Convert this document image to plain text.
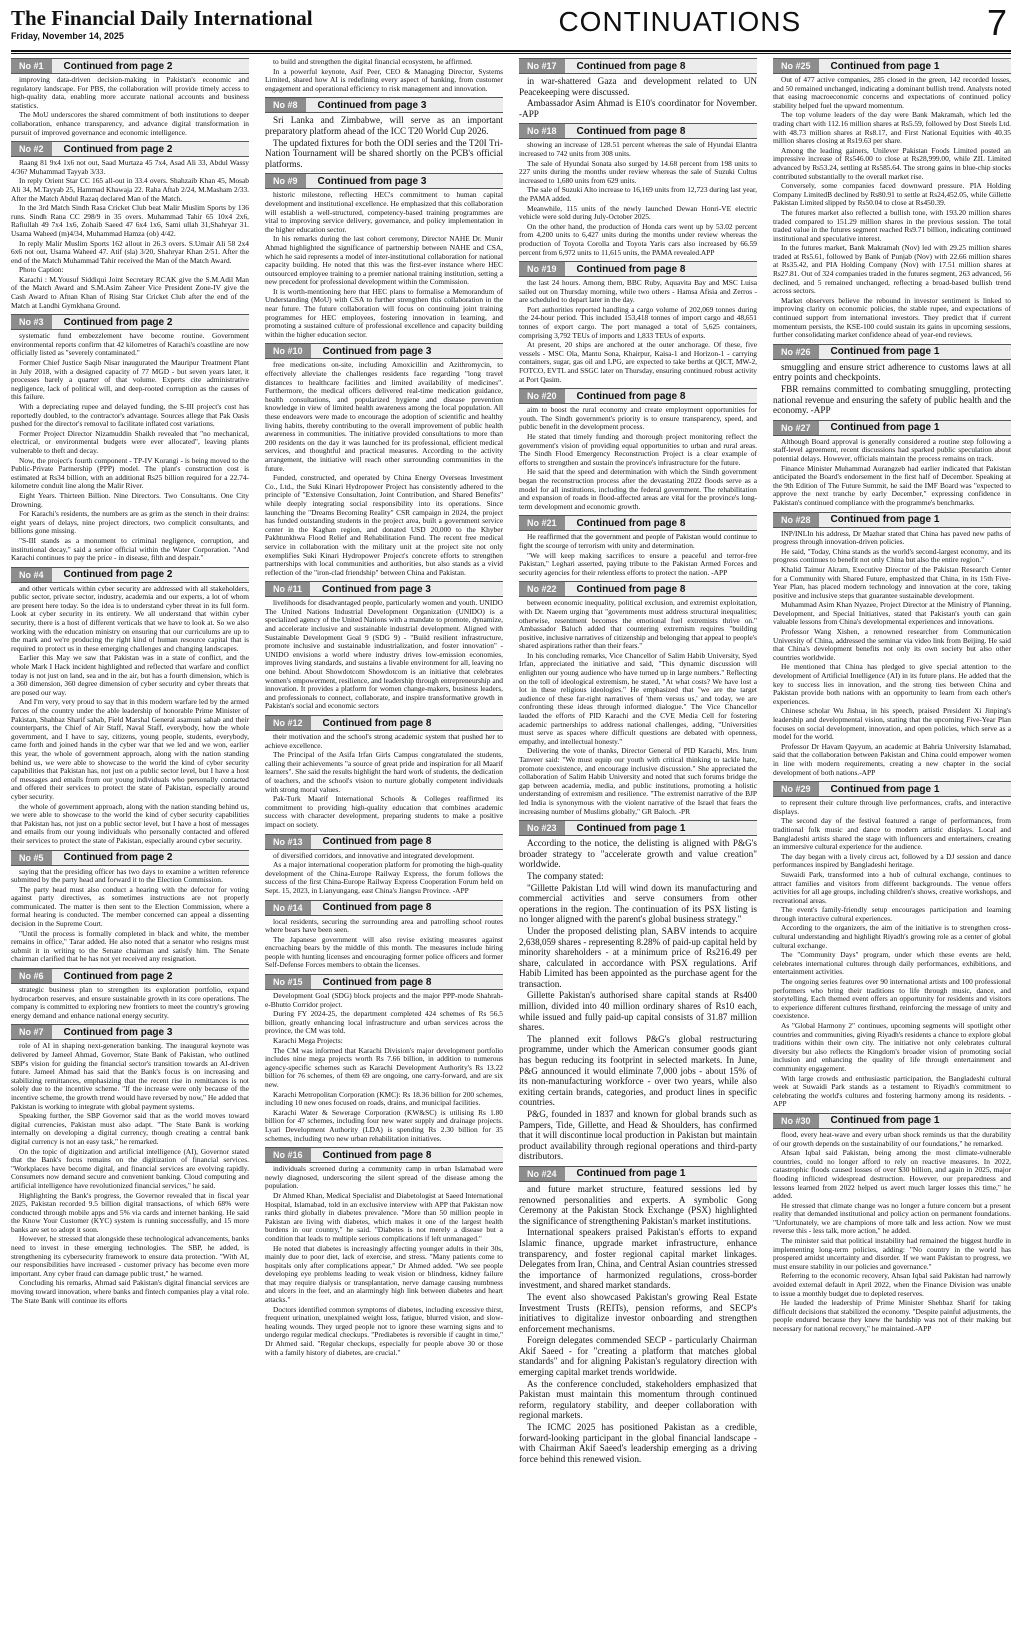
The Financial Daily International
Friday, November 14, 2025	CONTINUATIONS	7
No #1	Continued from page 2

improving data-driven decision-making in Pakistan's economic and regulatory landscape. For PBS, the collaboration will provide timely access to high-quality data, enabling more accurate national accounts and business statistics.

The MoU underscores the shared commitment of both institutions to deeper collaboration, enhance transparency, and advance digital transformation in pursuit of improved governance and economic intelligence.

No #2	Continued from page 2

Raang 81 9x4 1x6 not out, Saad Murtaza 45 7x4, Asad Ali 33, Abdul Wassy 4/36? Muhammad Tayyab 3/33.

In reply Orient Star CC 165 all-out in 33.4 overs. Shahzaib Khan 45, Mosab Ali 34, M.Tayyab 25, Hammad Khawaja 22. Raha Aftab 2/24, M.Masham 2/33. After the Match Abdul Razaq declared Man of the Match.

In the 3rd Match Sindh Rasa Cricket Club beat Malir Muslim Sports by 136 runs. Sindh Rana CC 298/9 in 35 overs. Muhammad Tahir 65 10x4 2x6, Rafiullah 49 7x4 1x6, Zohaib Saeed 47 6x4 1x6, Sami ullah 31,Shahryar 31. Usama Waheed (m)4/34, Muhammad Hamza (ob) 4/42.

In reply Malir Muslim Sports 162 allout in 26.3 overs. S.Umair Ali 58 2x4 6x6 not out, Usama Waheed 47. Atif (sla) 3/20, Shahryar Khan 2/51. After the end of the Match Muhammad Tahir received the Man of the Match Award.

Photo Caption:

Karachi : M.Yousuf Siddiqui Joint Secretary RCAK give the S.M.Adil Man of the Match Award and S.M.Asim Zaheer Vice President Zone-IV give the Cash Award to Afnan Khan of Rising Star Cricket Club after the end of the Match at Landhi Gymkhana Ground.

No #3	Continued from page 2

systematic fund embezzlement have become routine. Government environmental reports confirm that 42 kilometres of Karachi's coastline are now officially listed as "severely contaminated."

Former Chief Justice Saqib Nisar inaugurated the Mauripur Treatment Plant in July 2018, with a designed capacity of 77 MGD - but seven years later, it processes barely a quarter of that volume. Experts cite administrative negligence, lack of political will, and deep-rooted corruption as the causes of this failure.

With a depreciating rupee and delayed funding, the S-III project's cost has reportedly doubled, to the contractor's advantage. Sources allege that Pak Oasis pushed for the director's removal to facilitate inflated cost variations.

Former Project Director Nizamuddin Shaikh revealed that "no mechanical, electrical, or environmental budgets were ever allocated", leaving plants vulnerable to theft and decay.

Now, the project's fourth component - TP-IV Korangi - is being moved to the Public-Private Partnership (PPP) model. The plant's construction cost is estimated at Rs34 billion, with an additional Rs25 billion required for a 22.74-kilometre conduit line along the Malir River.

Eight Years. Thirteen Billion. Nine Directors. Two Consultants. One City Drowning.

For Karachi's residents, the numbers are as grim as the stench in their drains: eight years of delays, nine project directors, two complicit consultants, and billions gone missing.

"S-III stands as a monument to criminal negligence, corruption, and institutional decay," said a senior official within the Water Corporation. "And Karachi continues to pay the price - in disease, filth and despair."

No #4	Continued from page 2

and other verticals within cyber security are addressed with all stakeholders, public sector, private sector, industry, academia and our experts, a lot of whom are present here today. So the idea is to understand cyber threat in its full form. Look at cyber security in its entirety. We all understand that within cyber security, there is a host of different verticals that we have to look at. So we also working with the education ministry on ensuring that our curriculums are up to the mark and we're producing the right kind of human resource capital that is required to protect us in these emerging challenges and changing landscapes.

Earlier this May we saw that Pakistan was in a state of conflict, and the whole Mark I Hack incident highlighted and reflected that warfare and conflict today is not just on land, sea and in the air, but has a fourth dimension, which is a 360 dimension, 360 degree dimension of cyber security and cyber threats that are posed our way.

And I'm very, very proud to say that in this modern warfare led by the armed forces of the country under the able leadership of honorable Prime Minister of Pakistan, Shahbaz Sharif sahab, Field Marshal General asamuni sahab and their counterparts, the Chief of Air Staff, Naval Staff, everybody, how the whole government, and I have to say, citizens, young people, students, everybody, came forth and joined hands in the cyber war that we led and we won, earlier this year, the whole of government approach, along with the nation standing behind us, we were able to showcase to the world the kind of cyber security capabilities that Pakistan has, not just on a public sector level, but I have a host of messages and emails from our young individuals who personally contacted and offered their services to protect the state of Pakistan, especially around cyber security.

the whole of government approach, along with the nation standing behind us, we were able to showcase to the world the kind of cyber security capabilities that Pakistan has, not just on a public sector level, but I have a host of messages and emails from our young individuals who personally contacted and offered their services to protect the state of Pakistan, especially around cyber security.

No #5	Continued from page 2

saying that the presiding officer has two days to examine a written reference submitted by the party head and forward it to the Election Commission.

The party head must also conduct a hearing with the defector for voting against party directives, as sometimes instructions are not properly communicated. The matter is then sent to the Election Commission, where a formal hearing is conducted. The member concerned can appeal a dissenting decision in the Supreme Court.

"Until the process is formally completed in black and white, the member remains in office," Tarar added. He also noted that a senator who resigns must submit it in writing to the Senate chairman and satisfy him. The Senate chairman clarified that he has not yet received any resignation.

No #6	Continued from page 2

strategic business plan to strengthen its exploration portfolio, expand hydrocarbon reserves, and ensure sustainable growth in its core operations. The company is committed to exploring new frontiers to meet the country's growing energy demand and enhance national energy security.

No #7	Continued from page 3

role of AI in shaping next-generation banking. The inaugural keynote was delivered by Jameel Ahmad, Governor, State Bank of Pakistan, who outlined SBP's vision for guiding the financial sector's transition towards an AI-driven future. Jameel Ahmad has said that the Bank's focus is on increasing and stabilizing remittances, emphasizing that the recent rise in remittances is not solely due to the incentive scheme. "If the increase were only because of the incentive scheme, the growth trend would have reversed by now," He added that Pakistan is working to integrate with global payment systems.

Speaking further, the SBP Governor said that as the world moves toward digital currencies, Pakistan must also adapt. "The State Bank is working internally on developing a digital currency, though creating a central bank digital currency is not an easy task," he remarked.

On the topic of digitization and artificial intelligence (AI), Governor stated that the Bank's focus remains on the digitization of financial services. "Workplaces have become digital, and financial services are evolving rapidly. Consumers now demand secure and convenient banking. Cloud computing and artificial intelligence have revolutionized financial services," he said.

Highlighting the Bank's progress, the Governor revealed that in fiscal year 2025, Pakistan recorded 9.5 billion digital transactions, of which 68% were conducted through mobile apps and 5% via cards and internet banking. He said the Know Your Customer (KYC) system is running successfully, and 15 more banks are set to adopt it soon.

However, he stressed that alongside these technological advancements, banks need to invest in these emerging technologies. The SBP, he added, is strengthening its cybersecurity framework to ensure data protection. "With AI, our responsibilities have increased - customer privacy has become even more important. Any cyber fraud can damage public trust," he warned.

Concluding his remarks, Ahmad said Pakistan's digital financial services are moving toward innovation, where banks and fintech companies play a vital role. The State Bank will continue its efforts

to build and strengthen the digital financial ecosystem, he affirmed.

In a powerful keynote, Asif Peer, CEO & Managing Director, Systems Limited, shared how AI is redefining every aspect of banking, from customer engagement and operational efficiency to risk management and innovation.

No #8	Continued from page 3

Sri Lanka and Zimbabwe, will serve as an important preparatory platform ahead of the ICC T20 World Cup 2026.

The updated fixtures for both the ODI series and the T20I Tri-Nation Tournament will be shared shortly on the PCB's official platforms.

No #9	Continued from page 3

historic milestone, reflecting HEC's commitment to human capital development and institutional excellence. He emphasized that this collaboration will establish a well-structured, competency-based training programmes are vital to improving service delivery, governance, and policy implementation in the higher education sector.

In his remarks during the last cohort ceremony, Director NAHE Dr. Munir Ahmad highlighted the significance of partnership between NAHE and CSA, which he said represents a model of inter-institutional collaboration for national capacity building. He noted that this was the first-ever instance where HEC outsourced employee training to a premier national training institution, setting a new precedent for professional development within the Commission.

It is worth-mentioning here that HEC plans to formalise a Memorandum of Understanding (MoU) with CSA to further strengthen this collaboration in the near future. The future collaboration will focus on continuing joint training programmes for HEC employees, fostering innovation in learning, and promoting a sustained culture of professional excellence and capacity building within the higher education sector.

No #10	Continued from page 3

free medications on-site, including Amoxicillin and Azithromycin, to effectively alleviate the challenges residents face regarding "long travel distances to healthcare facilities and limited availability of medicines". Furthermore, the medical officers delivered real-time medication guidance, health consultations, and popularized hygiene and disease prevention knowledge in view of limited health awareness among the local population. All these endeavors were made to encourage the adoption of scientific and healthy living habits, thereby contributing to the overall improvement of public health awareness in communities. The initiative provided consultations to more than 200 residents on the day it was launched for its professional, efficient medical services, and thoughtful and practical measures. According to the activity arrangement, the initiative will reach other surrounding communities in the future.

Funded, constructed, and operated by China Energy Overseas Investment Co., Ltd., the Suki Kinari Hydropower Project has consistently adhered to the principle of "Extensive Consultation, Joint Contribution, and Shared Benefits" while deeply integrating social responsibility into its operations. Since launching the "Dreams Becoming Reality" CSR campaign in 2024, the project has funded outstanding students in the project area, built a government service center in the Kaghan region, and donated USD 20,000 to the Khyber Pakhtunkhwa Flood Relief and Rehabilitation Fund. The recent free medical service in collaboration with the military unit at the project site not only exemplifies Suki Kinari Hydropower Project's concrete efforts to strengthen partnerships with local communities and authorities, but also stands as a vivid reflection of the "iron-clad friendship" between China and Pakistan.

No #11	Continued from page 3

livelihoods for disadvantaged people, particularly women and youth. UNIDO The United Nations Industrial Development Organization (UNIDO) is a specialized agency of the United Nations with a mandate to promote, dynamize, and accelerate inclusive and sustainable industrial development. Aligned with Sustainable Development Goal 9 (SDG 9) - "Build resilient infrastructure, promote inclusive and sustainable industrialization, and foster innovation" - UNIDO envisions a world where industry drives low-emission economies, improves living standards, and sustains a livable environment for all, leaving no one behind. About Showdotcom Showdotcom is an initiative that celebrates women's empowerment, resilience, and leadership through entrepreneurship and innovation. It provides a platform for women change-makers, business leaders, and professionals to connect, collaborate, and inspire transformative growth in Pakistan's social and economic sectors

No #12	Continued from page 8

their motivation and the school's strong academic system that pushed her to achieve excellence.

The Principal of the Asifa Irfan Girls Campus congratulated the students, calling their achievements "a source of great pride and inspiration for all Maarif learners". She said the results highlight the hard work of students, the dedication of teachers, and the school's vision to nurture globally competent individuals with strong moral values.

Pak-Turk Maarif International Schools & Colleges reaffirmed its commitment to providing high-quality education that combines academic success with character development, preparing students to make a positive impact on society.

No #13	Continued from page 8

of diversified corridors, and innovative and integrated development.

As a major international cooperation platform for promoting the high-quality development of the China-Europe Railway Express, the forum follows the success of the first China-Europe Railway Express Cooperation Forum held on Sept. 15, 2023, in Lianyungang, east China's Jiangsu Province. -APP

No #14	Continued from page 8

local residents, securing the surrounding area and patrolling school routes where bears have been seen.

The Japanese government will also revise existing measures against encroaching bears by the middle of this month. The measures include hiring people with hunting licenses and encouraging former police officers and former Self-Defense Forces members to obtain the licenses.

No #15	Continued from page 8

Development Goal (SDG) block projects and the major PPP-mode Shahrah-e-Bhutto Corridor project.

During FY 2024-25, the department completed 424 schemes of Rs 56.5 billion, greatly enhancing local infrastructure and urban services across the province, the CM was told.

Karachi Mega Projects:

The CM was informed that Karachi Division's major development portfolio includes nine mega projects worth Rs 7.66 billion, in addition to numerous agency-specific schemes such as Karachi Development Authority's Rs 13.22 billion for 76 schemes, of them 69 are ongoing, one carry-forward, and are six new.

Karachi Metropolitan Corporation (KMC): Rs 18.36 billion for 200 schemes, including 10 new ones focused on roads, drains, and municipal facilities.

Karachi Water & Sewerage Corporation (KW&SC) is utilising Rs 1.80 billion for 47 schemes, including four new water supply and drainage projects. Lyari Development Authority (LDA) is spending Rs 2.30 billion for 35 schemes, including two new urban rehabilitation initiatives.

No #16	Continued from page 8

individuals screened during a community camp in urban Islamabad were newly diagnosed, underscoring the silent spread of the disease among the population.

Dr Ahmed Khan, Medical Specialist and Diabetologist at Saeed International Hospital, Islamabad, told in an exclusive interview with APP that Pakistan now ranks third globally in diabetes prevalence. "More than 50 million people in Pakistan are living with diabetes, which makes it one of the largest health burdens in our country," he said. "Diabetes is not merely a disease but a condition that leads to multiple serious complications if left unmanaged."

He noted that diabetes is increasingly affecting younger adults in their 30s, mainly due to poor diet, lack of exercise, and stress. "Many patients come to hospitals only after complications appear," Dr Ahmed added. "We see people developing eye problems leading to weak vision or blindness, kidney failure that may require dialysis or transplantation, nerve damage causing numbness and ulcers in the feet, and an alarmingly high link between diabetes and heart attacks."

Doctors identified common symptoms of diabetes, including excessive thirst, frequent urination, unexplained weight loss, fatigue, blurred vision, and slow-healing wounds. They urged people not to ignore these warning signs and to undergo regular medical checkups. "Prediabetes is reversible if caught in time," Dr Ahmed said. "Regular checkups, especially for people above 30 or those with a family history of diabetes, are crucial."

No #17	Continued from page 8

in war-shattered Gaza and development related to UN Peacekeeping were discussed.

Ambassador Asim Ahmad is E10's coordinator for November. -APP

No #18	Continued from page 8

showing an increase of 128.51 percent whereas the sale of Hyundai Elantra increased to 742 units from 308 units.

The sale of Hyundai Sonata also surged by 14.68 percent from 198 units to 227 units during the months under review whereas the sale of Suzuki Cultus increased to 1,680 units from 629 units.

The sale of Suzuki Alto increase to 16,169 units from 12,723 during last year, the PAMA added.

Meanwhile, 115 units of the newly launched Dewan Honri-VE electric vehicle were sold during July-October 2025.

On the other hand, the production of Honda cars went up by 53.02 percent from 4,200 units to 6,427 units during the months under review whereas the production of Toyota Corolla and Toyota Yaris cars also increased by 66.59 percent from 6,972 units to 11,615 units, the PAMA revealed.APP

No #19	Continued from page 8

the last 24 hours. Among them, BBC Ruby, Aquavita Bay and MSC Luisa sailed out on Thursday morning, while two others - Hamsa Afisia and Zerros - are scheduled to depart later in the day.

Port authorities reported handling a cargo volume of 202,069 tonnes during the 24-hour period. This included 153,418 tonnes of import cargo and 48,651 tonnes of export cargo. The port managed a total of 5,625 containers, comprising 3,792 TEUs of imports and 1,833 TEUs of exports.

At present, 20 ships are anchored at the outer anchorage. Of these, five vessels - MSC Ola, Mantu Sona, Khairpur, Kaisa-1 and Horizon-1 - carrying containers, sugar, gas oil and LPG, are expected to take berths at QICT, MW-2, FOTCO, EVTL and SSGC later on Thursday, ensuring continued robust activity at Port Qasim.

No #20	Continued from page 8

aim to boost the rural economy and create employment opportunities for youth. The Sindh government's priority is to ensure transparency, speed, and public benefit in the development process.

He stated that timely funding and thorough project monitoring reflect the government's vision of providing equal opportunities to urban and rural areas. The Sindh Flood Emergency Reconstruction Project is a clear example of efforts to strengthen and sustain the province's infrastructure for the future.

He said that the speed and determination with which the Sindh government began the reconstruction process after the devastating 2022 floods serve as a model for all institutions, including the federal government. The rehabilitation and expansion of roads in flood-affected areas are vital for the province's long-term development and economic growth.

No #21	Continued from page 8

He reaffirmed that the government and people of Pakistan would continue to fight the scourge of terrorism with unity and determination.

"We will keep making sacrifices to ensure a peaceful and terror-free Pakistan," Leghari asserted, paying tribute to the Pakistan Armed Forces and security agencies for their relentless efforts to protect the nation. -APP

No #22	Continued from page 8

between economic inequality, political exclusion, and extremist exploitation, with Dr. Naeem urging that "governments must address structural inequalities; otherwise, resentment becomes the emotional fuel extremists thrive on." Ambassador Baluch added that countering extremism requires "building positive, inclusive narratives of citizenship and belonging that appeal to people's shared aspirations rather than their fears."

In his concluding remarks, Vice Chancellor of Salim Habib University, Syed Irfan, appreciated the initiative and said, "This dynamic discussion will enlighten our young audience who have turned up in large numbers." Reflecting on the toll of ideological extremism, he stated, "At what costs? We have lost a lot in these religious ideologies." He emphasized that "we are the target audience of these far-right narratives of 'them versus us,' and today, we are confronting these ideas through informed dialogue." The Vice Chancellor lauded the efforts of PID Karachi and the CVE Media Cell for fostering academic partnerships to address national challenges, adding, "Universities must serve as spaces where difficult questions are debated with openness, empathy, and intellectual honesty."

Delivering the vote of thanks, Director General of PID Karachi, Mrs. Irum Tanveer said: "We must equip our youth with critical thinking to tackle hate, promote coexistence, and encourage inclusive discussion." She appreciated the collaboration of Salim Habib University and noted that such forums bridge the gap between academia, media, and public institutions, promoting a holistic understanding of extremism and resilience. "The extremist narrative of the BJP led India is synonymous with the violent narrative of the Israel that fears the increasing number of Muslims globally," GR Baloch. -PR

No #23	Continued from page 1

According to the notice, the delisting is aligned with P&G's broader strategy to "accelerate growth and value creation" worldwide.

The company stated:

"Gillette Pakistan Ltd will wind down its manufacturing and commercial activities and serve consumers from other operations in the region. The continuation of its PSX listing is no longer aligned with the parent's global business strategy."

Under the proposed delisting plan, SABV intends to acquire 2,638,059 shares - representing 8.28% of paid-up capital held by minority shareholders - at a minimum price of Rs216.49 per share, calculated in accordance with PSX regulations. Arif Habib Limited has been appointed as the purchase agent for the transaction.

Gillette Pakistan's authorised share capital stands at Rs400 million, divided into 40 million ordinary shares of Rs10 each, while issued and fully paid-up capital consists of 31.87 million shares.

The planned exit follows P&G's global restructuring programme, under which the American consumer goods giant has begun reducing its footprint in selected markets. In June, P&G announced it would eliminate 7,000 jobs - about 15% of its non-manufacturing workforce - over two years, while also exiting certain brands, categories, and product lines in specific countries.

P&G, founded in 1837 and known for global brands such as Pampers, Tide, Gillette, and Head & Shoulders, has confirmed that it will discontinue local production in Pakistan but maintain product availability through regional operations and third-party distributors.

No #24	Continued from page 1

and future market structure, featured sessions led by renowned personalities and experts. A symbolic Gong Ceremony at the Pakistan Stock Exchange (PSX) highlighted the significance of strengthening Pakistan's market institutions.

International speakers praised Pakistan's efforts to expand Islamic finance, upgrade market infrastructure, enhance transparency, and foster regional capital market linkages. Delegates from Iran, China, and Central Asian countries stressed the importance of harmonized regulations, cross-border investment, and shared market standards.

The event also showcased Pakistan's growing Real Estate Investment Trusts (REITs), pension reforms, and SECP's initiatives to digitalize investor onboarding and strengthen enforcement mechanisms.

Foreign delegates commended SECP - particularly Chairman Akif Saeed - for "creating a platform that matches global standards" and for aligning Pakistan's regulatory direction with emerging capital market trends worldwide.

As the conference concluded, stakeholders emphasized that Pakistan must maintain this momentum through continued reform, regulatory stability, and deeper collaboration with regional markets.

The ICMC 2025 has positioned Pakistan as a credible, forward-looking participant in the global financial landscape - with Chairman Akif Saeed's leadership emerging as a driving force behind this renewed vision.

No #25	Continued from page 1

Out of 477 active companies, 285 closed in the green, 142 recorded losses, and 50 remained unchanged, indicating a dominant bullish trend. Analysts noted that easing macroeconomic concerns and expectations of continued policy stability helped fuel the upward momentum.

The top volume leaders of the day were Bank Makramah, which led the trading chart with 112.16 million shares at Rs5.59, followed by Dost Steels Ltd. with 48.73 million shares at Rs8.17, and First National Equities with 40.35 million shares closing at Rs19.63 per share.

Among the leading gainers, Unilever Pakistan Foods Limited posted an impressive increase of Rs546.00 to close at Rs28,999.00, while ZIL Limited advanced by Rs53.24, settling at Rs585.64. The strong gains in blue-chip stocks contributed substantially to the overall market rise.

Conversely, some companies faced downward pressure. PIA Holding Company LimitedB declined by Rs80.91 to settle at Rs24,452.05, while Gillette Pakistan Limited slipped by Rs50.04 to close at Rs450.39.

The futures market also reflected a bullish tone, with 193.20 million shares traded compared to 151.29 million shares in the previous session. The total traded value in the futures segment reached Rs9.71 billion, indicating continued institutional and speculative interest.

In the futures market, Bank Makramah (Nov) led with 29.25 million shares traded at Rs5.61, followed by Bank of Punjab (Nov) with 22.66 million shares at Rs35.42, and PIA Holding Company (Nov) with 17.51 million shares at Rs27.81. Out of 324 companies traded in the futures segment, 263 advanced, 56 declined, and 5 remained unchanged, reflecting a broad-based bullish trend across sectors.

Market observers believe the rebound in investor sentiment is linked to improving clarity on economic policies, the stable rupee, and expectations of continued support from international investors. They predict that if current momentum persists, the KSE-100 could sustain its gains in upcoming sessions, further consolidating market confidence ahead of year-end reviews.

No #26	Continued from page 1

smuggling and ensure strict adherence to customs laws at all entry points and checkpoints.

FBR remains committed to combating smuggling, protecting national revenue and ensuring the safety of public health and the economy. -APP

No #27	Continued from page 1

Although Board approval is generally considered a routine step following a staff-level agreement, recent discussions had sparked public speculation about potential delays. However, officials maintain the process remains on track.

Finance Minister Muhammad Aurangzeb had earlier indicated that Pakistan anticipated the Board's endorsement in the first half of December. Speaking at the 9th Edition of The Future Summit, he said the IMF Board was "expected to approve the next tranche by early December," expressing confidence in Pakistan's continued compliance with the programme's benchmarks.

No #28	Continued from page 1

INP/INLIn his address, Dr Mazhar stated that China has paved new paths of progress through innovation-driven policies.

He said, "Today, China stands as the world's second-largest economy, and its progress continues to benefit not only China but also the entire region."

Khalid Taimur Akram, Executive Director of the Pakistan Research Center for a Community with Shared Future, emphasized that China, in its 15th Five-Year Plan, has placed modern technology and innovation at the core, taking positive and inclusive steps that guarantee sustainable development.

Muhammad Asim Khan Nyazee, Project Director at the Ministry of Planning, Development, and Special Initiatives, stated that Pakistan's youth can gain valuable lessons from China's developmental experiences and innovations.

Professor Wang Xishen, a renowned researcher from Communication University of China, addressed the seminar via video link from Beijing. He said that China's development benefits not only its own society but also other countries worldwide.

He mentioned that China has pledged to give special attention to the development of Artificial Intelligence (AI) in its future plans. He added that the key to success lies in innovation, and the strong ties between China and Pakistan provide both nations with an opportunity to learn from each other's experiences.

Chinese scholar Wu Jishua, in his speech, praised President Xi Jinping's leadership and developmental vision, stating that the upcoming Five-Year Plan focuses on social development, innovation, and open policies, which serve as a model for the world.

Professor Dr Havam Qayyum, an academic at Bahria University Islamabad, said that the collaboration between Pakistan and China could empower women in line with modern requirements, creating a new chapter in the social development of both nations.-APP

No #29	Continued from page 1

to represent their culture through live performances, crafts, and interactive displays.

The second day of the festival featured a range of performances, from traditional folk music and dance to modern artistic displays. Local and Bangladeshi artists shared the stage with influencers and entertainers, creating an immersive cultural experience for the audience.

The day began with a lively circus act, followed by a DJ session and dance performances inspired by Bangladeshi heritage.

Suwaidi Park, transformed into a hub of cultural exchange, continues to attract families and visitors from different backgrounds. The venue offers activities for all age groups, including children's shows, creative workshops, and recreational areas.

The event's family-friendly setup encourages participation and learning through interactive cultural experiences.

According to the organizers, the aim of the initiative is to strengthen cross-cultural understanding and highlight Riyadh's growing role as a center of global cultural exchange.

The "Community Days" program, under which these events are held, celebrates international cultures through daily performances, exhibitions, and entertainment activities.

The ongoing series features over 90 international artists and 100 professional performers who bring their traditions to life through music, dance, and storytelling. Each themed event offers an opportunity for residents and visitors to experience different cultures firsthand, reinforcing the message of unity and coexistence.

As "Global Harmony 2" continues, upcoming segments will spotlight other countries and communities, giving Riyadh's residents a chance to explore global traditions within their own city. The initiative not only celebrates cultural diversity but also reflects the Kingdom's broader vision of promoting social inclusion and enhancing the quality of life through entertainment and community engagement.

With large crowds and enthusiastic participation, the Bangladeshi cultural week at Suwaidi Park stands as a testament to Riyadh's commitment to celebrating the world's cultures and fostering harmony among its residents. -APP

No #30	Continued from page 1

flood, every heat-wave and every urban shock reminds us that the durability of our growth depends on the sustainability of our foundations," he remarked.

Ahsan Iqbal said Pakistan, being among the most climate-vulnerable countries, could no longer afford to rely on reactive measures. In 2022, catastrophic floods caused losses of over $30 billion, and again in 2025, major flooding inflicted widespread destruction. However, our preparedness and lessons learned from 2022 helped us avert much larger losses this time," he added.

He stressed that climate change was no longer a future concern but a present reality that demanded institutional and policy action on permanent foundations. "Unfortunately, we are champions of more talk and less action. Now we must reverse this - less talk, more action," he added.

The minister said that political instability had remained the biggest hurdle in implementing long-term policies, adding: "No country in the world has prospered amidst uncertainty and disorder. If we want Pakistan to progress, we must ensure stability in our policies and governance."

Referring to the economic recovery, Ahsan Iqbal said Pakistan had narrowly avoided external default in April 2022, when the Finance Division was unable to issue a monthly budget due to depleted reserves.

He lauded the leadership of Prime Minister Shehbaz Sharif for taking difficult decisions that stabilized the economy. "Despite painful adjustments, the people endured because they knew the hardship was not of their making but necessary for national recovery," he maintained.-APP
